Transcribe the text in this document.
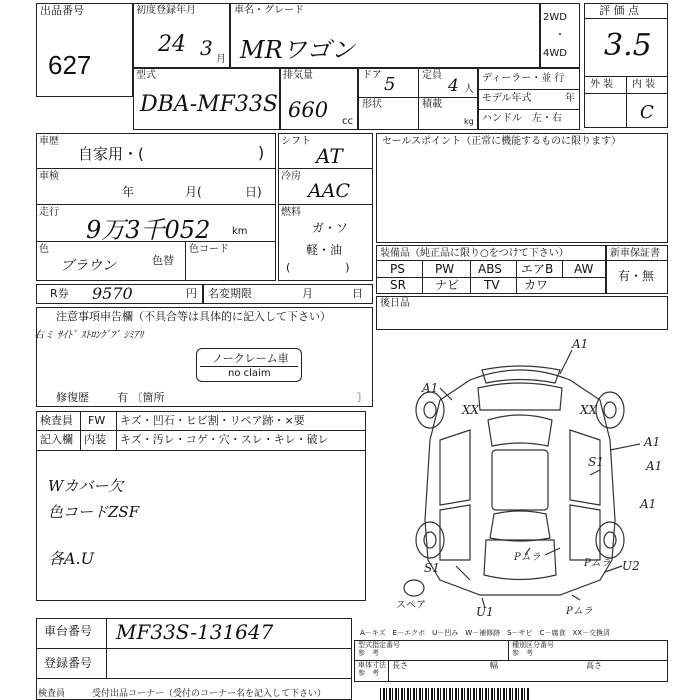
出品番号
627
初度登録年月
24 3 月
車名・グレード
MRワゴン
2WD
・
4WD
評 価 点
3.5
外 装 内 装
C
型式
DBA-MF33S
排気量
660 cc
ドア 5	定員
4 人
形状	積載
kg
ディーラー・並 行
モデル年式	年
ハンドル　左・右
車歴
自家用・(	)
車検
年	月(	日)
走行
9万3千052 km
色
ブラウン	色替
色コード
シフト
AT
冷房
AAC
燃料
ガ・ソ
軽・油
(　　　　　)
セールスポイント（正常に機能するものに限ります）
装備品（純正品に限り○をつけて下さい）
PS	PW ABS エアB AW
SR ナビ TV カワ
新車保証書
有・無
R券 9570	円 名変期限	月	日
後日品
注意事項申告欄（不具合等は具体的に記入して下さい）
右ミ ｻｲﾄﾞ ｽﾄﾛﾝｸﾞﾌﾞ ｼﾐｱﾘ
ノークレーム車
no claim
修復歴	有 〔箇所	〕
検査員
記入欄
FW キズ・凹石・ヒビ割・リペア跡・×要
内装 キズ・汚レ・コゲ・穴・スレ・キレ・破レ
Wカバー欠
色コードZSF
各A.U
車台番号 MF33S-131647
登録番号
A－キズ　E－エクボ　U－凹み　W－補修跡　S－サビ　C－腐食　XX－交換済
型式指定番号
参　考
種別区分番号
参　考
車体寸法
参　考
長さ	幅	高さ
検査員	受付出品コーナー（受付のコーナー名を記入して下さい）
A1
A1
XX	XX
A1
S1	A1
Pムラ
Pムラ U2
S1
スペア	U1	Pムラ
A1
